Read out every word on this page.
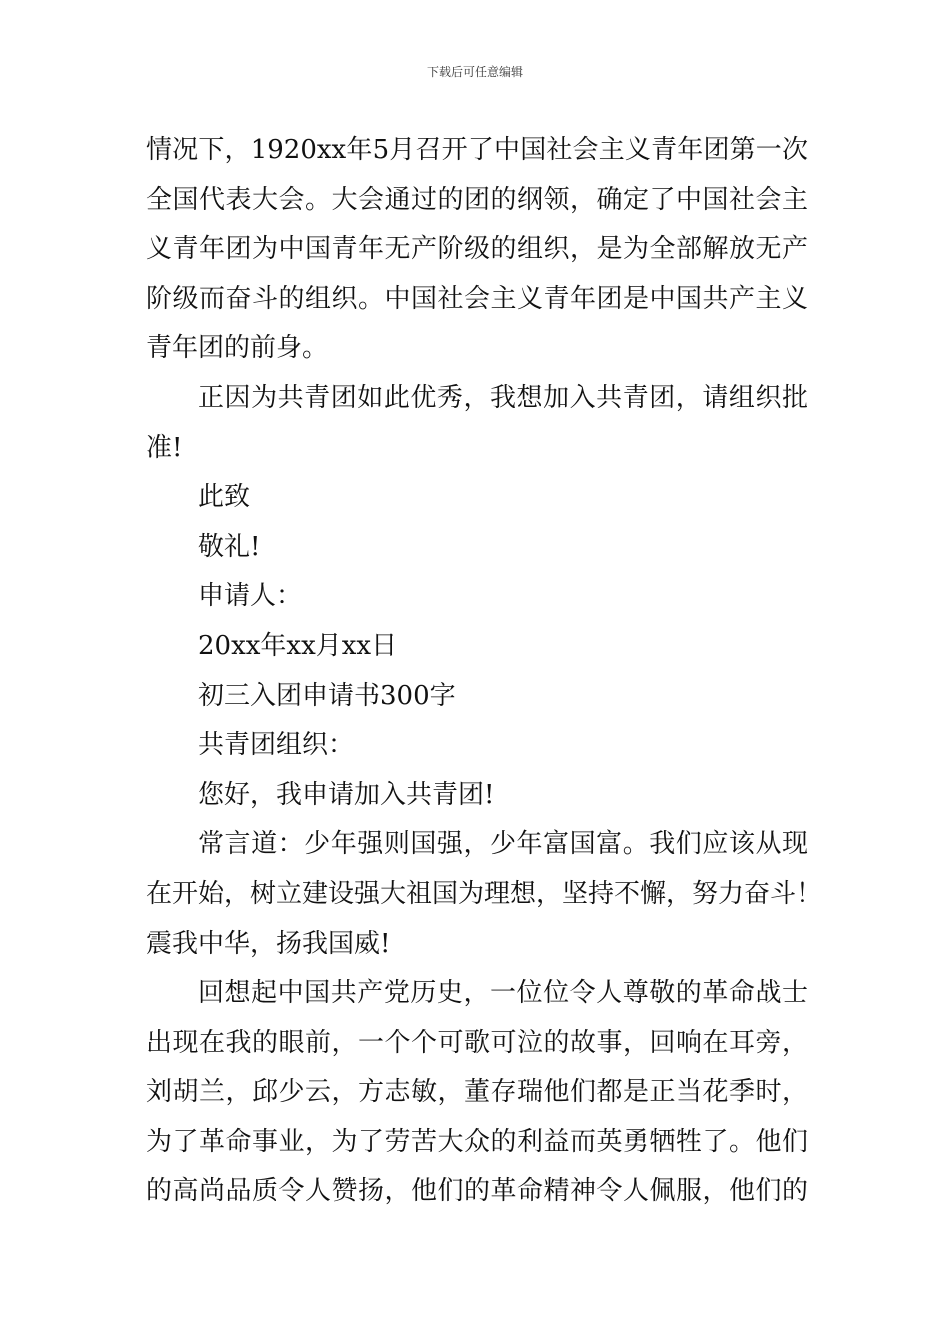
下载后可任意编辑
情况下，1920xx年5月召开了中国社会主义青年团第一次
全国代表大会。大会通过的团的纲领，确定了中国社会主
义青年团为中国青年无产阶级的组织，是为全部解放无产
阶级而奋斗的组织。中国社会主义青年团是中国共产主义
青年团的前身。
正因为共青团如此优秀，我想加入共青团，请组织批
准!
此致
敬礼!
申请人：
20xx年xx月xx日
初三入团申请书300字
共青团组织：
您好，我申请加入共青团!
常言道：少年强则国强，少年富国富。我们应该从现
在开始，树立建设强大祖国为理想，坚持不懈，努力奋斗！
震我中华，扬我国威!
回想起中国共产党历史，一位位令人尊敬的革命战士
出现在我的眼前，一个个可歌可泣的故事，回响在耳旁，
刘胡兰，邱少云，方志敏，董存瑞他们都是正当花季时，
为了革命事业，为了劳苦大众的利益而英勇牺牲了。他们
的高尚品质令人赞扬，他们的革命精神令人佩服，他们的
